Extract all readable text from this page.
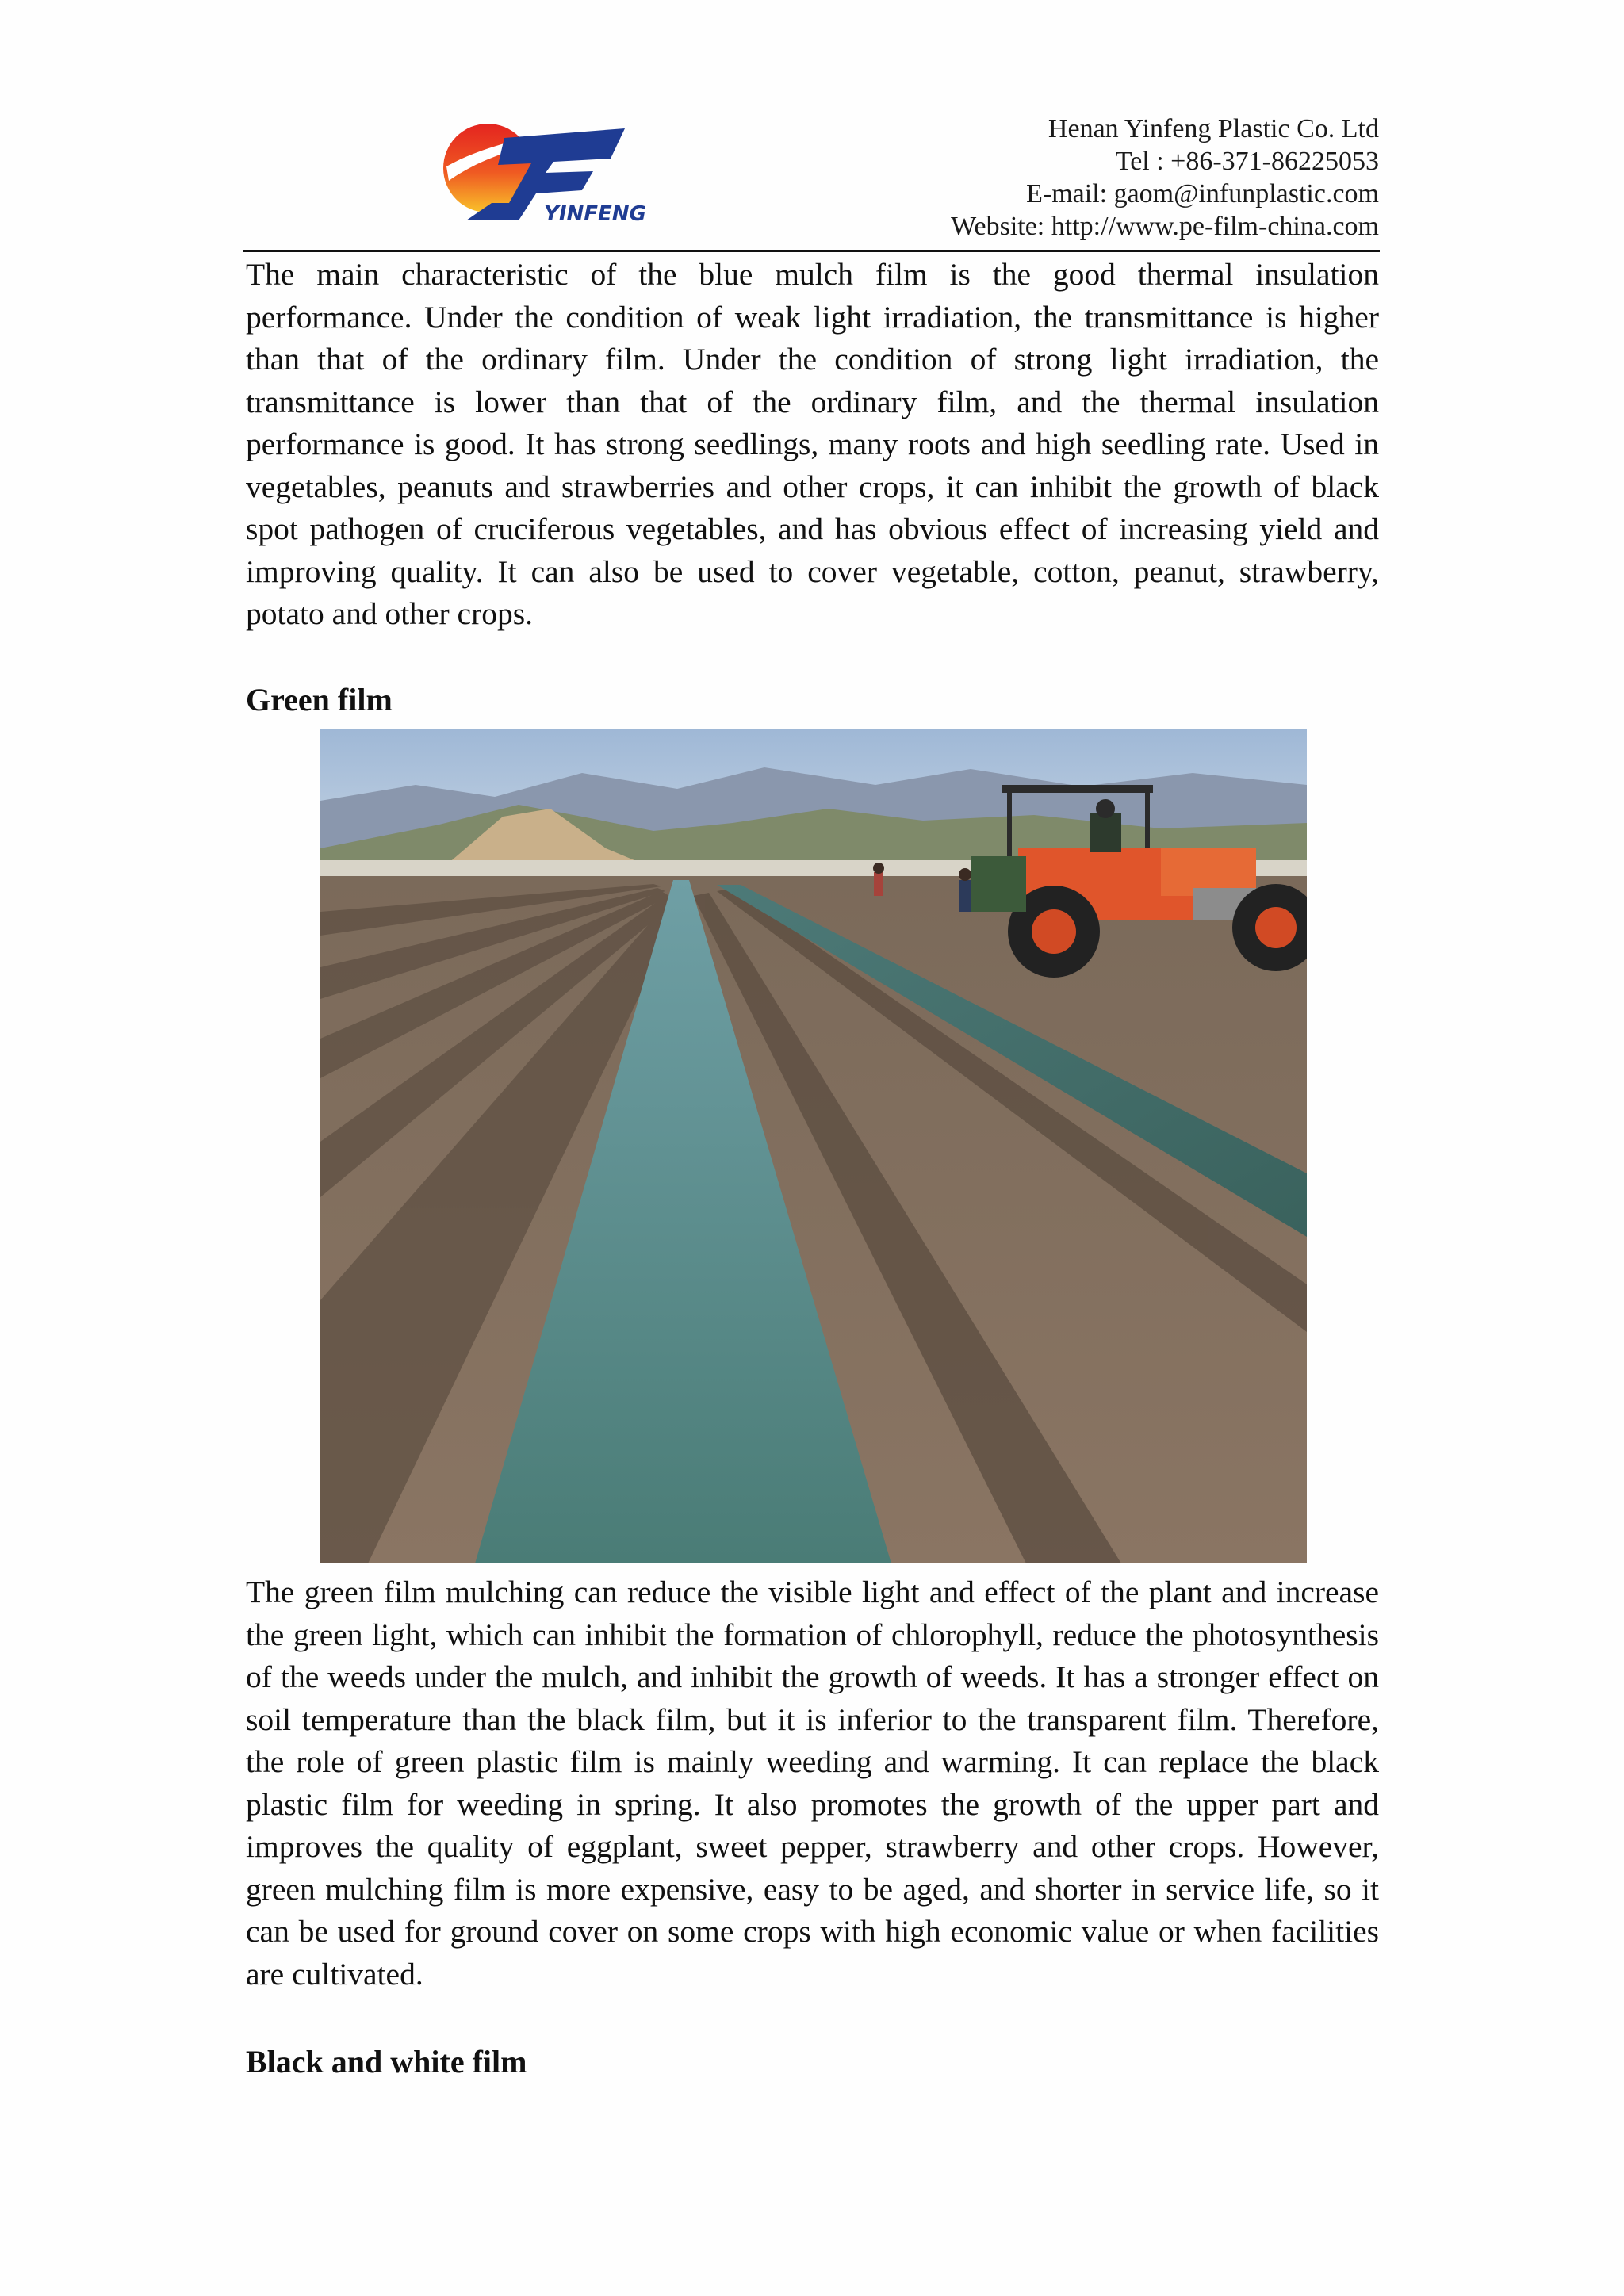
YINFENG
Henan Yinfeng Plastic Co. Ltd
Tel : +86-371-86225053
E-mail: gaom@infunplastic.com
Website: http://www.pe-film-china.com

The main characteristic of the blue mulch film is the good thermal insulation performance. Under the condition of weak light irradiation, the transmittance is higher than that of the ordinary film. Under the condition of strong light irradiation, the transmittance is lower than that of the ordinary film, and the thermal insulation performance is good. It has strong seedlings, many roots and high seedling rate. Used in vegetables, peanuts and strawberries and other crops, it can inhibit the growth of black spot pathogen of cruciferous vegetables, and has obvious effect of increasing yield and improving quality. It can also be used to cover vegetable, cotton, peanut, strawberry, potato and other crops.

Green film

The green film mulching can reduce the visible light and effect of the plant and increase the green light, which can inhibit the formation of chlorophyll, reduce the photosynthesis of the weeds under the mulch, and inhibit the growth of weeds. It has a stronger effect on soil temperature than the black film, but it is inferior to the transparent film. Therefore, the role of green plastic film is mainly weeding and warming. It can replace the black plastic film for weeding in spring. It also promotes the growth of the upper part and improves the quality of eggplant, sweet pepper, strawberry and other crops. However, green mulching film is more expensive, easy to be aged, and shorter in service life, so it can be used for ground cover on some crops with high economic value or when facilities are cultivated.

Black and white film
